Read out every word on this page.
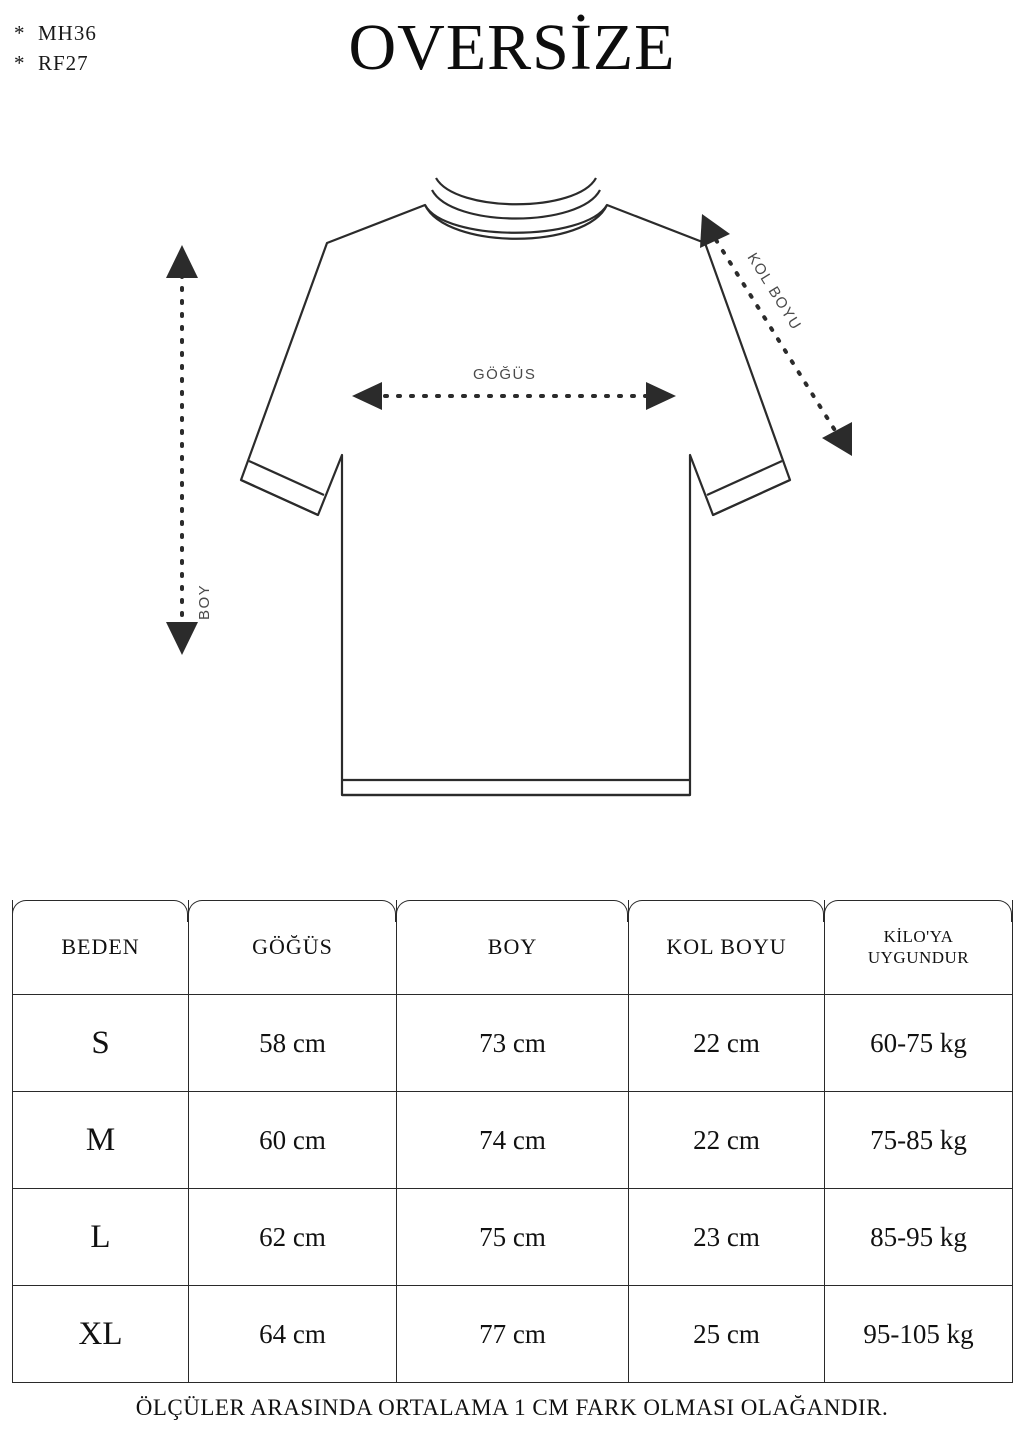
*  MH36
*  RF27	OVERSİZE
GÖĞÜS
BOY
KOL BOYU
BEDEN	GÖĞÜS	BOY	KOL BOYU	KİLO'YA
UYGUNDUR

S	58 cm	73 cm	22 cm	60-75 kg
M	60 cm	74 cm	22 cm	75-85 kg
L	62 cm	75 cm	23 cm	85-95 kg
XL	64 cm	77 cm	25 cm	95-105 kg
ÖLÇÜLER ARASINDA ORTALAMA 1 CM FARK OLMASI OLAĞANDIR.
